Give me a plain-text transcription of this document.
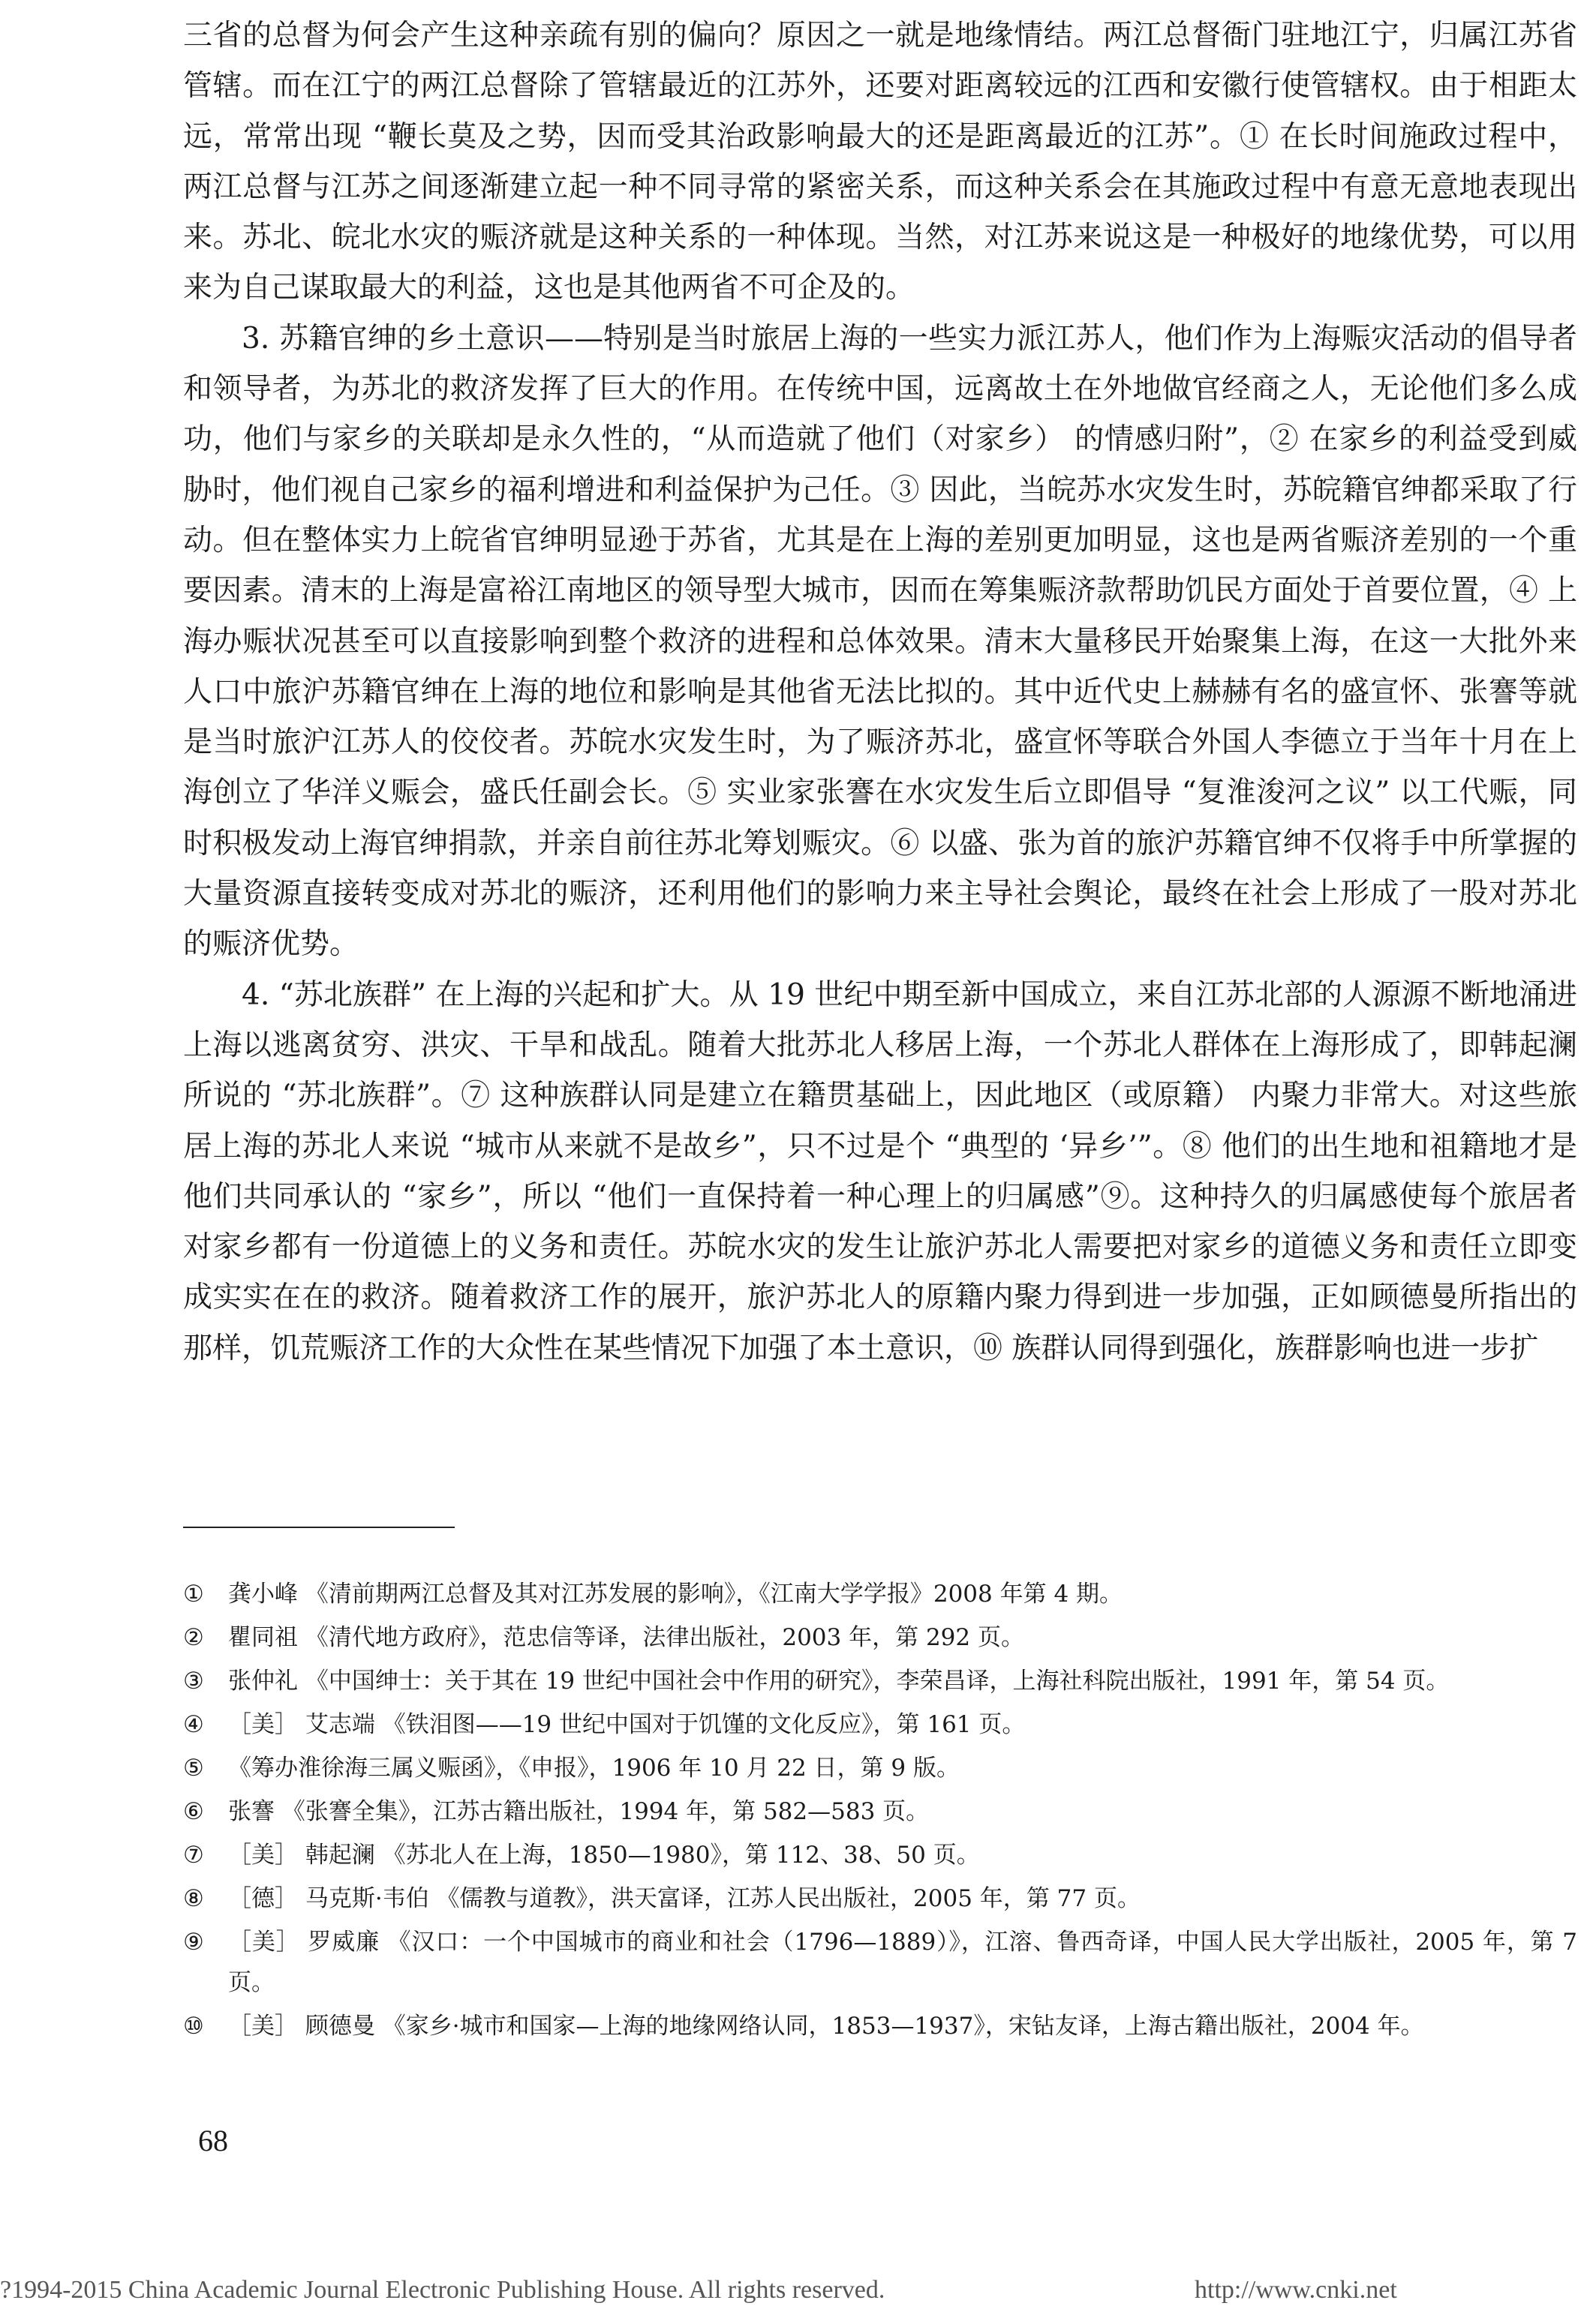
三省的总督为何会产生这种亲疏有别的偏向？原因之一就是地缘情结。两江总督衙门驻地江宁，归属江苏省管辖。而在江宁的两江总督除了管辖最近的江苏外，还要对距离较远的江西和安徽行使管辖权。由于相距太远，常常出现 “鞭长莫及之势，因而受其治政影响最大的还是距离最近的江苏”。① 在长时间施政过程中，两江总督与江苏之间逐渐建立起一种不同寻常的紧密关系，而这种关系会在其施政过程中有意无意地表现出来。苏北、皖北水灾的赈济就是这种关系的一种体现。当然，对江苏来说这是一种极好的地缘优势，可以用来为自己谋取最大的利益，这也是其他两省不可企及的。

3. 苏籍官绅的乡土意识——特别是当时旅居上海的一些实力派江苏人，他们作为上海赈灾活动的倡导者和领导者，为苏北的救济发挥了巨大的作用。在传统中国，远离故土在外地做官经商之人，无论他们多么成功，他们与家乡的关联却是永久性的，“从而造就了他们（对家乡） 的情感归附”，② 在家乡的利益受到威胁时，他们视自己家乡的福利增进和利益保护为己任。③ 因此，当皖苏水灾发生时，苏皖籍官绅都采取了行动。但在整体实力上皖省官绅明显逊于苏省，尤其是在上海的差别更加明显，这也是两省赈济差别的一个重要因素。清末的上海是富裕江南地区的领导型大城市，因而在筹集赈济款帮助饥民方面处于首要位置，④ 上海办赈状况甚至可以直接影响到整个救济的进程和总体效果。清末大量移民开始聚集上海，在这一大批外来人口中旅沪苏籍官绅在上海的地位和影响是其他省无法比拟的。其中近代史上赫赫有名的盛宣怀、张謇等就是当时旅沪江苏人的佼佼者。苏皖水灾发生时，为了赈济苏北，盛宣怀等联合外国人李德立于当年十月在上海创立了华洋义赈会，盛氏任副会长。⑤ 实业家张謇在水灾发生后立即倡导 “复淮浚河之议” 以工代赈，同时积极发动上海官绅捐款，并亲自前往苏北筹划赈灾。⑥ 以盛、张为首的旅沪苏籍官绅不仅将手中所掌握的大量资源直接转变成对苏北的赈济，还利用他们的影响力来主导社会舆论，最终在社会上形成了一股对苏北的赈济优势。

4. “苏北族群” 在上海的兴起和扩大。从 19 世纪中期至新中国成立，来自江苏北部的人源源不断地涌进上海以逃离贫穷、洪灾、干旱和战乱。随着大批苏北人移居上海，一个苏北人群体在上海形成了，即韩起澜所说的 “苏北族群”。⑦ 这种族群认同是建立在籍贯基础上，因此地区（或原籍） 内聚力非常大。对这些旅居上海的苏北人来说 “城市从来就不是故乡”，只不过是个 “典型的 ‘异乡’”。⑧ 他们的出生地和祖籍地才是他们共同承认的 “家乡”，所以 “他们一直保持着一种心理上的归属感”⑨。这种持久的归属感使每个旅居者对家乡都有一份道德上的义务和责任。苏皖水灾的发生让旅沪苏北人需要把对家乡的道德义务和责任立即变成实实在在的救济。随着救济工作的展开，旅沪苏北人的原籍内聚力得到进一步加强，正如顾德曼所指出的那样，饥荒赈济工作的大众性在某些情况下加强了本土意识，⑩ 族群认同得到强化，族群影响也进一步扩

① 龚小峰 《清前期两江总督及其对江苏发展的影响》，《江南大学学报》2008 年第 4 期。
② 瞿同祖 《清代地方政府》，范忠信等译，法律出版社，2003 年，第 292 页。
③ 张仲礼 《中国绅士：关于其在 19 世纪中国社会中作用的研究》，李荣昌译，上海社科院出版社，1991 年，第 54 页。
④ ［美］ 艾志端 《铁泪图——19 世纪中国对于饥馑的文化反应》，第 161 页。
⑤ 《筹办淮徐海三属义赈函》，《申报》，1906 年 10 月 22 日，第 9 版。
⑥ 张謇 《张謇全集》，江苏古籍出版社，1994 年，第 582—583 页。
⑦ ［美］ 韩起澜 《苏北人在上海，1850—1980》，第 112、38、50 页。
⑧ ［德］ 马克斯·韦伯 《儒教与道教》，洪天富译，江苏人民出版社，2005 年，第 77 页。
⑨ ［美］ 罗威廉 《汉口：一个中国城市的商业和社会（1796—1889）》，江溶、鲁西奇译，中国人民大学出版社，2005 年，第 7 页。
⑩ ［美］ 顾德曼 《家乡·城市和国家—上海的地缘网络认同，1853—1937》，宋钻友译，上海古籍出版社，2004 年。
68
?1994-2015 China Academic Journal Electronic Publishing House. All rights reserved.	http://www.cnki.net
